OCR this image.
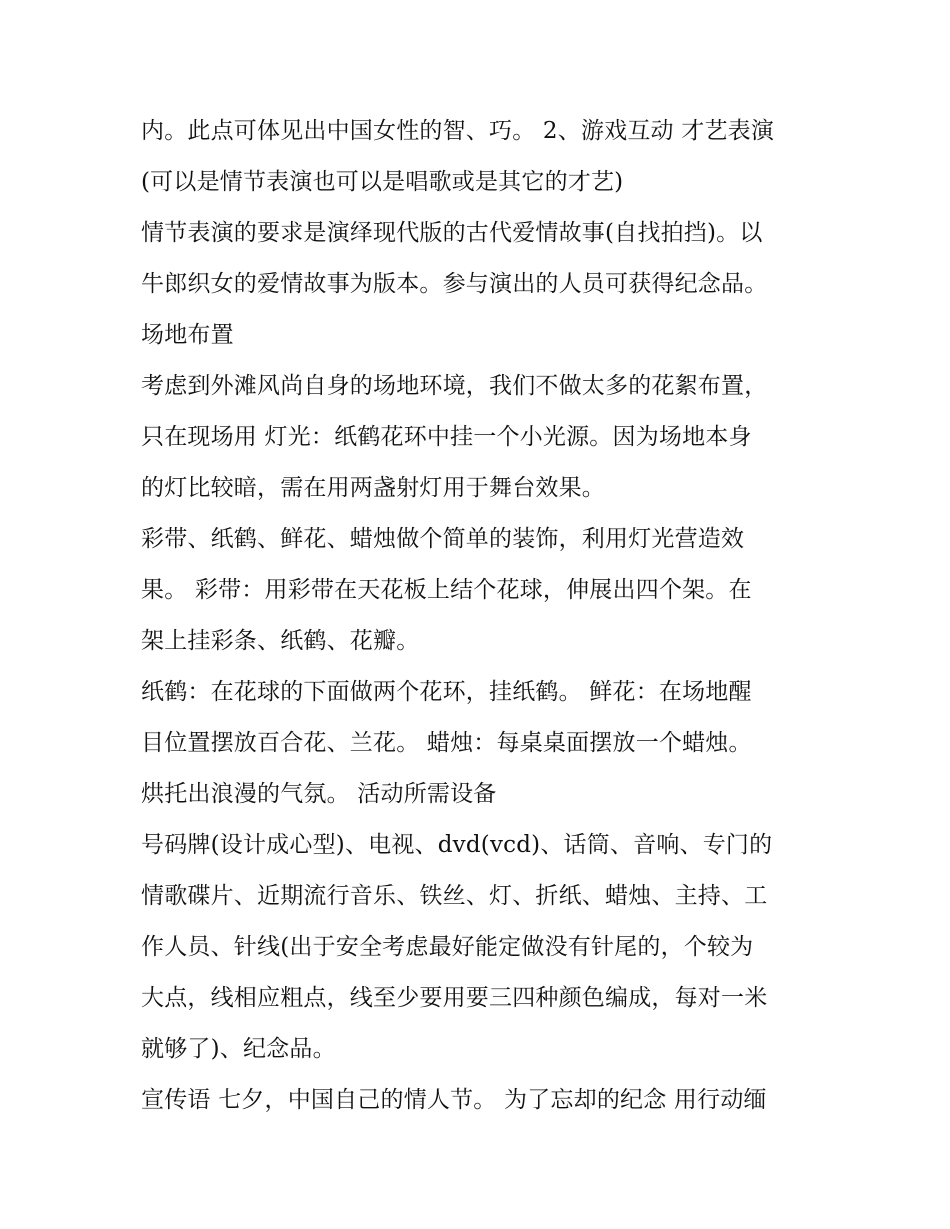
内。此点可体见出中国女性的智、巧。 2、游戏互动 才艺表演
(可以是情节表演也可以是唱歌或是其它的才艺)
情节表演的要求是演绎现代版的古代爱情故事(自找拍挡)。以
牛郎织女的爱情故事为版本。参与演出的人员可获得纪念品。
场地布置
考虑到外滩风尚自身的场地环境，我们不做太多的花絮布置，
只在现场用 灯光：纸鹤花环中挂一个小光源。因为场地本身
的灯比较暗，需在用两盏射灯用于舞台效果。
彩带、纸鹤、鲜花、蜡烛做个简单的装饰，利用灯光营造效
果。 彩带：用彩带在天花板上结个花球，伸展出四个架。在
架上挂彩条、纸鹤、花瓣。
纸鹤：在花球的下面做两个花环，挂纸鹤。 鲜花：在场地醒
目位置摆放百合花、兰花。 蜡烛：每桌桌面摆放一个蜡烛。
烘托出浪漫的气氛。 活动所需设备
号码牌(设计成心型)、电视、dvd(vcd)、话筒、音响、专门的
情歌碟片、近期流行音乐、铁丝、灯、折纸、蜡烛、主持、工
作人员、针线(出于安全考虑最好能定做没有针尾的，个较为
大点，线相应粗点，线至少要用要三四种颜色编成，每对一米
就够了)、纪念品。
宣传语 七夕，中国自己的情人节。 为了忘却的纪念 用行动缅
